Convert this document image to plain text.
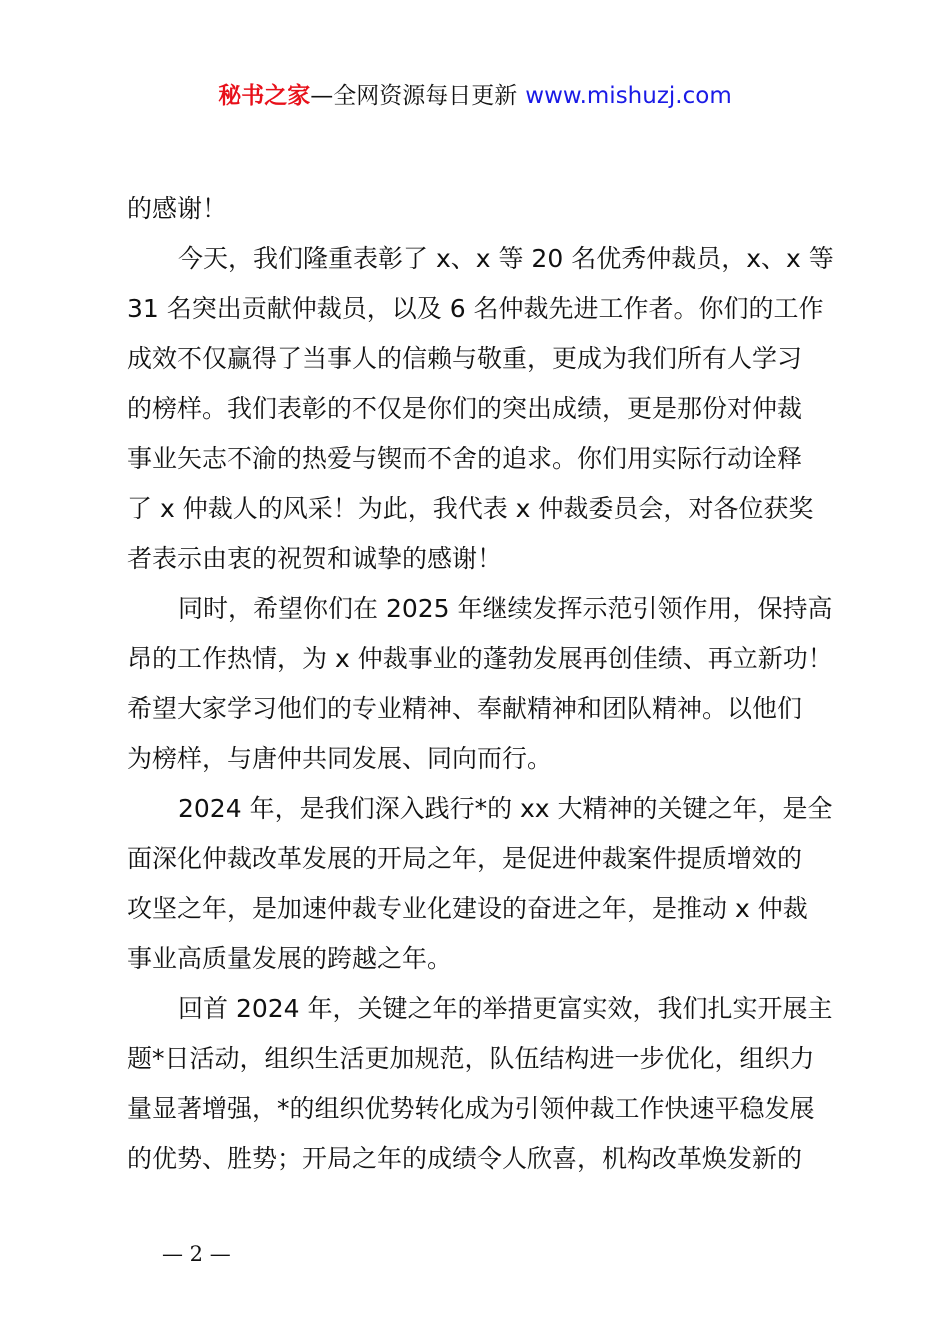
秘书之家—全网资源每日更新 www.mishuzj.com
的感谢！
今天，我们隆重表彰了 x、x 等 20 名优秀仲裁员，x、x 等
31 名突出贡献仲裁员，以及 6 名仲裁先进工作者。你们的工作
成效不仅赢得了当事人的信赖与敬重，更成为我们所有人学习
的榜样。我们表彰的不仅是你们的突出成绩，更是那份对仲裁
事业矢志不渝的热爱与锲而不舍的追求。你们用实际行动诠释
了 x 仲裁人的风采！为此，我代表 x 仲裁委员会，对各位获奖
者表示由衷的祝贺和诚挚的感谢！
同时，希望你们在 2025 年继续发挥示范引领作用，保持高
昂的工作热情，为 x 仲裁事业的蓬勃发展再创佳绩、再立新功！
希望大家学习他们的专业精神、奉献精神和团队精神。以他们
为榜样，与唐仲共同发展、同向而行。
2024 年，是我们深入践行*的 xx 大精神的关键之年，是全
面深化仲裁改革发展的开局之年，是促进仲裁案件提质增效的
攻坚之年，是加速仲裁专业化建设的奋进之年，是推动 x 仲裁
事业高质量发展的跨越之年。
回首 2024 年，关键之年的举措更富实效，我们扎实开展主
题*日活动，组织生活更加规范，队伍结构进一步优化，组织力
量显著增强，*的组织优势转化成为引领仲裁工作快速平稳发展
的优势、胜势；开局之年的成绩令人欣喜，机构改革焕发新的
— 2 —
